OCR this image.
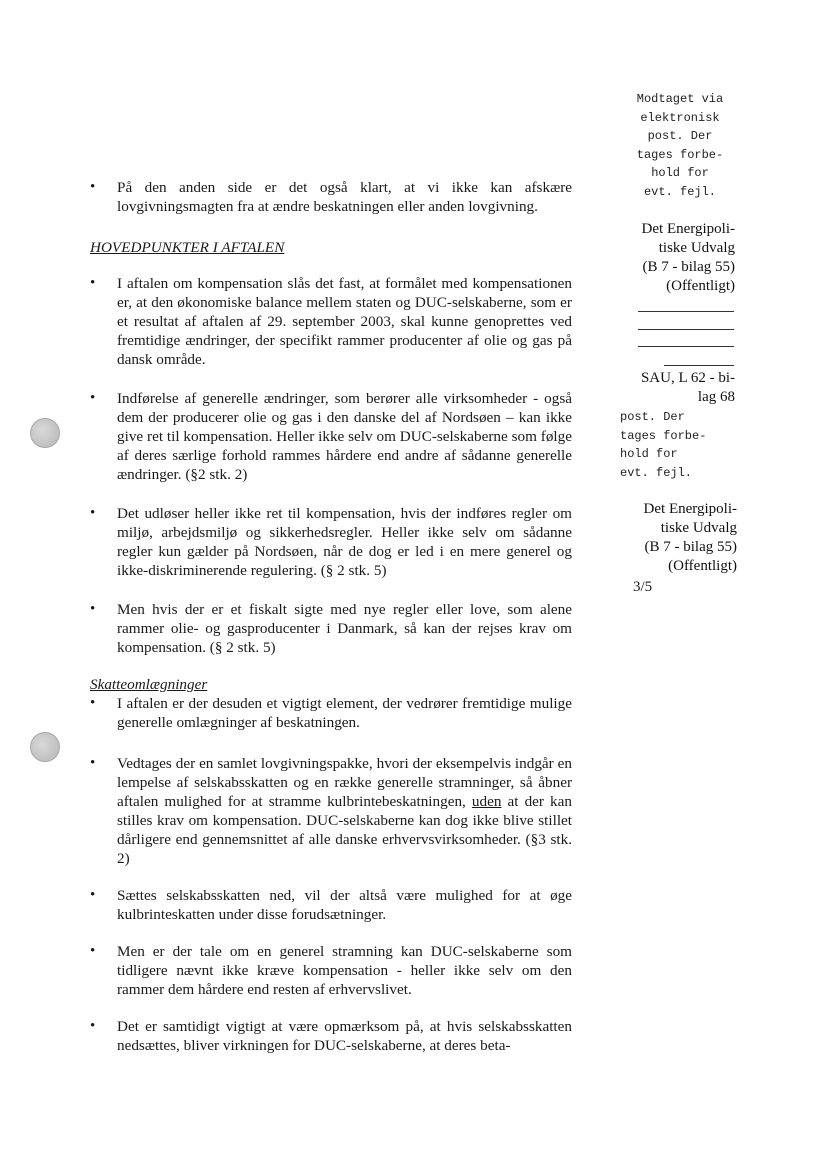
Modtaget via
elektronisk
post. Der
tages forbe-
hold for
evt. fejl.
Det Energipoli-
tiske Udvalg
(B 7 - bilag 55)
(Offentligt)
SAU, L 62 - bi-
lag 68
post. Der
tages forbe-
hold for
evt. fejl.
Det Energipoli-
tiske Udvalg
(B 7 - bilag 55)
(Offentligt)
3/5

• På den anden side er det også klart, at vi ikke kan afskære lovgivningsmagten fra at ændre beskatningen eller anden lovgivning.

HOVEDPUNKTER I AFTALEN

• I aftalen om kompensation slås det fast, at formålet med kompensationen er, at den økonomiske balance mellem staten og DUC-selskaberne, som er et resultat af aftalen af 29. september 2003, skal kunne genoprettes ved fremtidige ændringer, der specifikt rammer producenter af olie og gas på dansk område.

• Indførelse af generelle ændringer, som berører alle virksomheder - også dem der producerer olie og gas i den danske del af Nordsøen – kan ikke give ret til kompensation. Heller ikke selv om DUC-selskaberne som følge af deres særlige forhold rammes hårdere end andre af sådanne generelle ændringer. (§2 stk. 2)

• Det udløser heller ikke ret til kompensation, hvis der indføres regler om miljø, arbejdsmiljø og sikkerhedsregler. Heller ikke selv om sådanne regler kun gælder på Nordsøen, når de dog er led i en mere generel og ikke-diskriminerende regulering. (§ 2 stk. 5)

• Men hvis der er et fiskalt sigte med nye regler eller love, som alene rammer olie- og gasproducenter i Danmark, så kan der rejses krav om kompensation. (§ 2 stk. 5)

Skatteomlægninger

• I aftalen er der desuden et vigtigt element, der vedrører fremtidige mulige generelle omlægninger af beskatningen.

• Vedtages der en samlet lovgivningspakke, hvori der eksempelvis indgår en lempelse af selskabsskatten og en række generelle stramninger, så åbner aftalen mulighed for at stramme kulbrintebeskatningen, uden at der kan stilles krav om kompensation. DUC-selskaberne kan dog ikke blive stillet dårligere end gennemsnittet af alle danske erhvervsvirksomheder. (§3 stk. 2)

• Sættes selskabsskatten ned, vil der altså være mulighed for at øge kulbrinteskatten under disse forudsætninger.

• Men er der tale om en generel stramning kan DUC-selskaberne som tidligere nævnt ikke kræve kompensation - heller ikke selv om den rammer dem hårdere end resten af erhvervslivet.

• Det er samtidigt vigtigt at være opmærksom på, at hvis selskabsskatten nedsættes, bliver virkningen for DUC-selskaberne, at deres beta-
